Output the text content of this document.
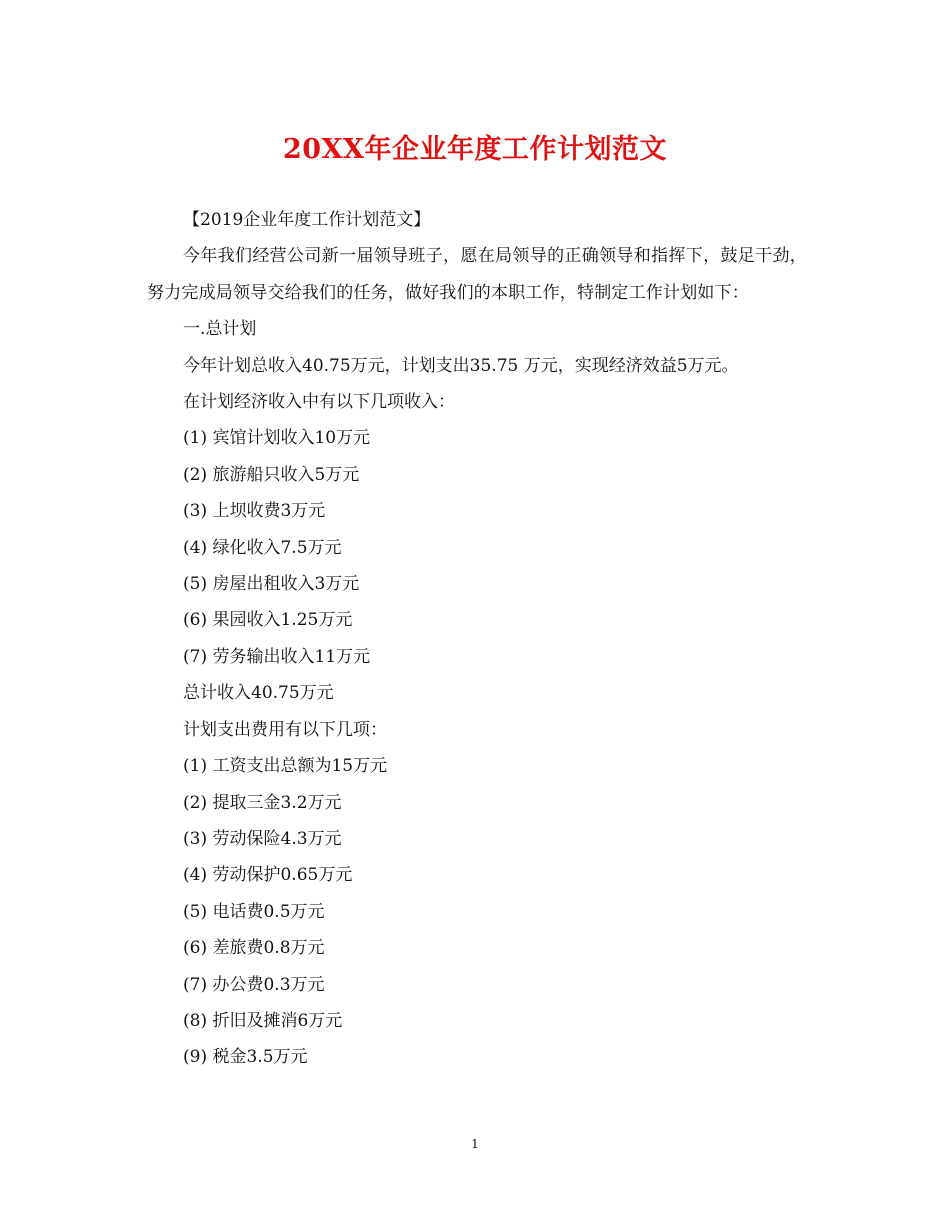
20XX年企业年度工作计划范文

【2019企业年度工作计划范文】

今年我们经营公司新一届领导班子，愿在局领导的正确领导和指挥下，鼓足干劲，努力完成局领导交给我们的任务，做好我们的本职工作，特制定工作计划如下：

一.总计划

今年计划总收入40.75万元，计划支出35.75 万元，实现经济效益5万元。

在计划经济收入中有以下几项收入：

(1) 宾馆计划收入10万元

(2) 旅游船只收入5万元

(3) 上坝收费3万元

(4) 绿化收入7.5万元

(5) 房屋出租收入3万元

(6) 果园收入1.25万元

(7) 劳务输出收入11万元

总计收入40.75万元

计划支出费用有以下几项：

(1) 工资支出总额为15万元

(2) 提取三金3.2万元

(3) 劳动保险4.3万元

(4) 劳动保护0.65万元

(5) 电话费0.5万元

(6) 差旅费0.8万元

(7) 办公费0.3万元

(8) 折旧及摊消6万元

(9) 税金3.5万元

1
